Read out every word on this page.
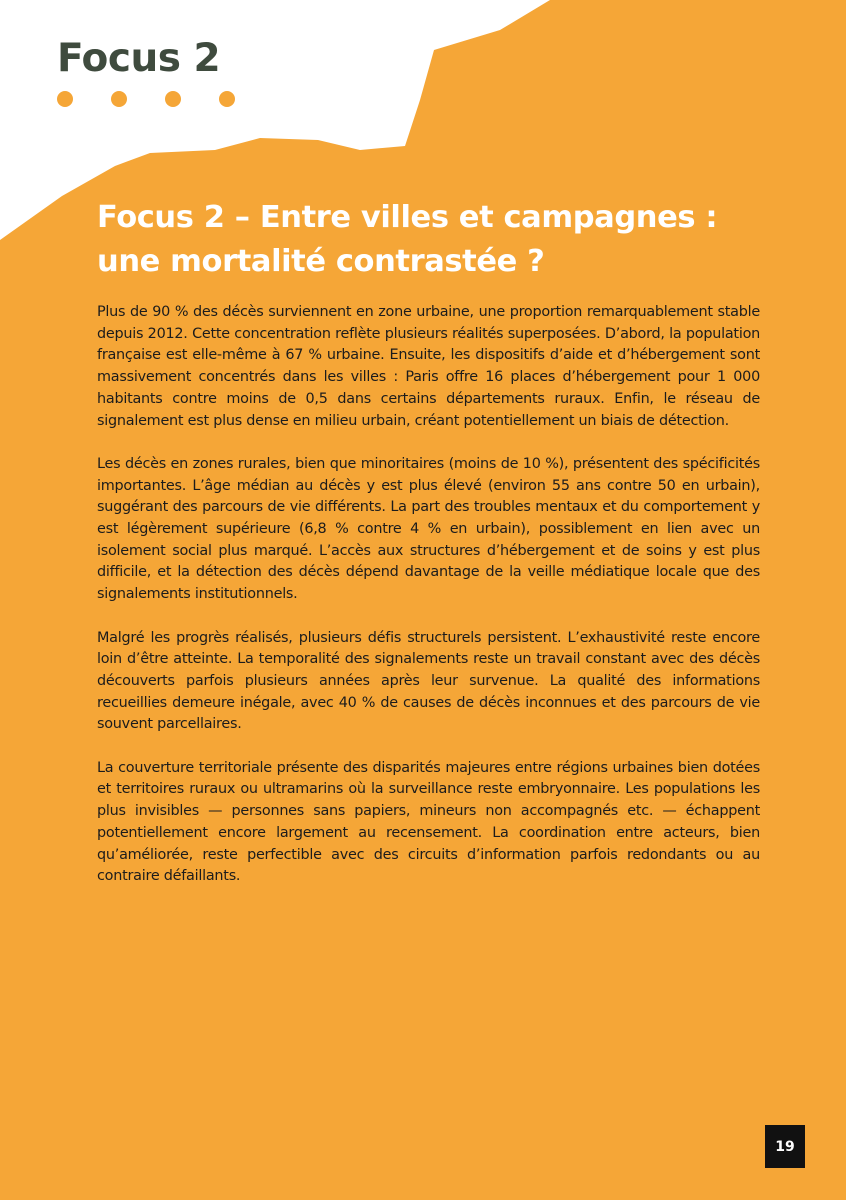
Focus 2
Focus 2 – Entre villes et campagnes :
une mortalité contrastée ?

Plus de 90 % des décès surviennent en zone urbaine, une proportion remarquablement stable depuis 2012. Cette concentration reflète plusieurs réalités superposées. D’abord, la population française est elle-même à 67 % urbaine. Ensuite, les dispositifs d’aide et d’hébergement sont massivement concentrés dans les villes : Paris offre 16 places d’hébergement pour 1 000 habitants contre moins de 0,5 dans certains départements ruraux. Enfin, le réseau de signalement est plus dense en milieu urbain, créant potentiellement un biais de détection.

Les décès en zones rurales, bien que minoritaires (moins de 10 %), présentent des spécificités importantes. L’âge médian au décès y est plus élevé (environ 55 ans contre 50 en urbain), suggérant des parcours de vie différents. La part des troubles mentaux et du comportement y est légèrement supérieure (6,8 % contre 4 % en urbain), possiblement en lien avec un isolement social plus marqué. L’accès aux structures d’hébergement et de soins y est plus difficile, et la détection des décès dépend davantage de la veille médiatique locale que des signalements institutionnels.

Malgré les progrès réalisés, plusieurs défis structurels persistent. L’exhaustivité reste encore loin d’être atteinte. La temporalité des signalements reste un travail constant avec des décès découverts parfois plusieurs années après leur survenue. La qualité des informations recueillies demeure inégale, avec 40 % de causes de décès inconnues et des parcours de vie souvent parcellaires.

La couverture territoriale présente des disparités majeures entre régions urbaines bien dotées et territoires ruraux ou ultramarins où la surveillance reste embryonnaire. Les populations les plus invisibles — personnes sans papiers, mineurs non accompagnés etc. — échappent potentiellement encore largement au recensement. La coordination entre acteurs, bien qu’améliorée, reste perfectible avec des circuits d’information parfois redondants ou au contraire défaillants.

19
